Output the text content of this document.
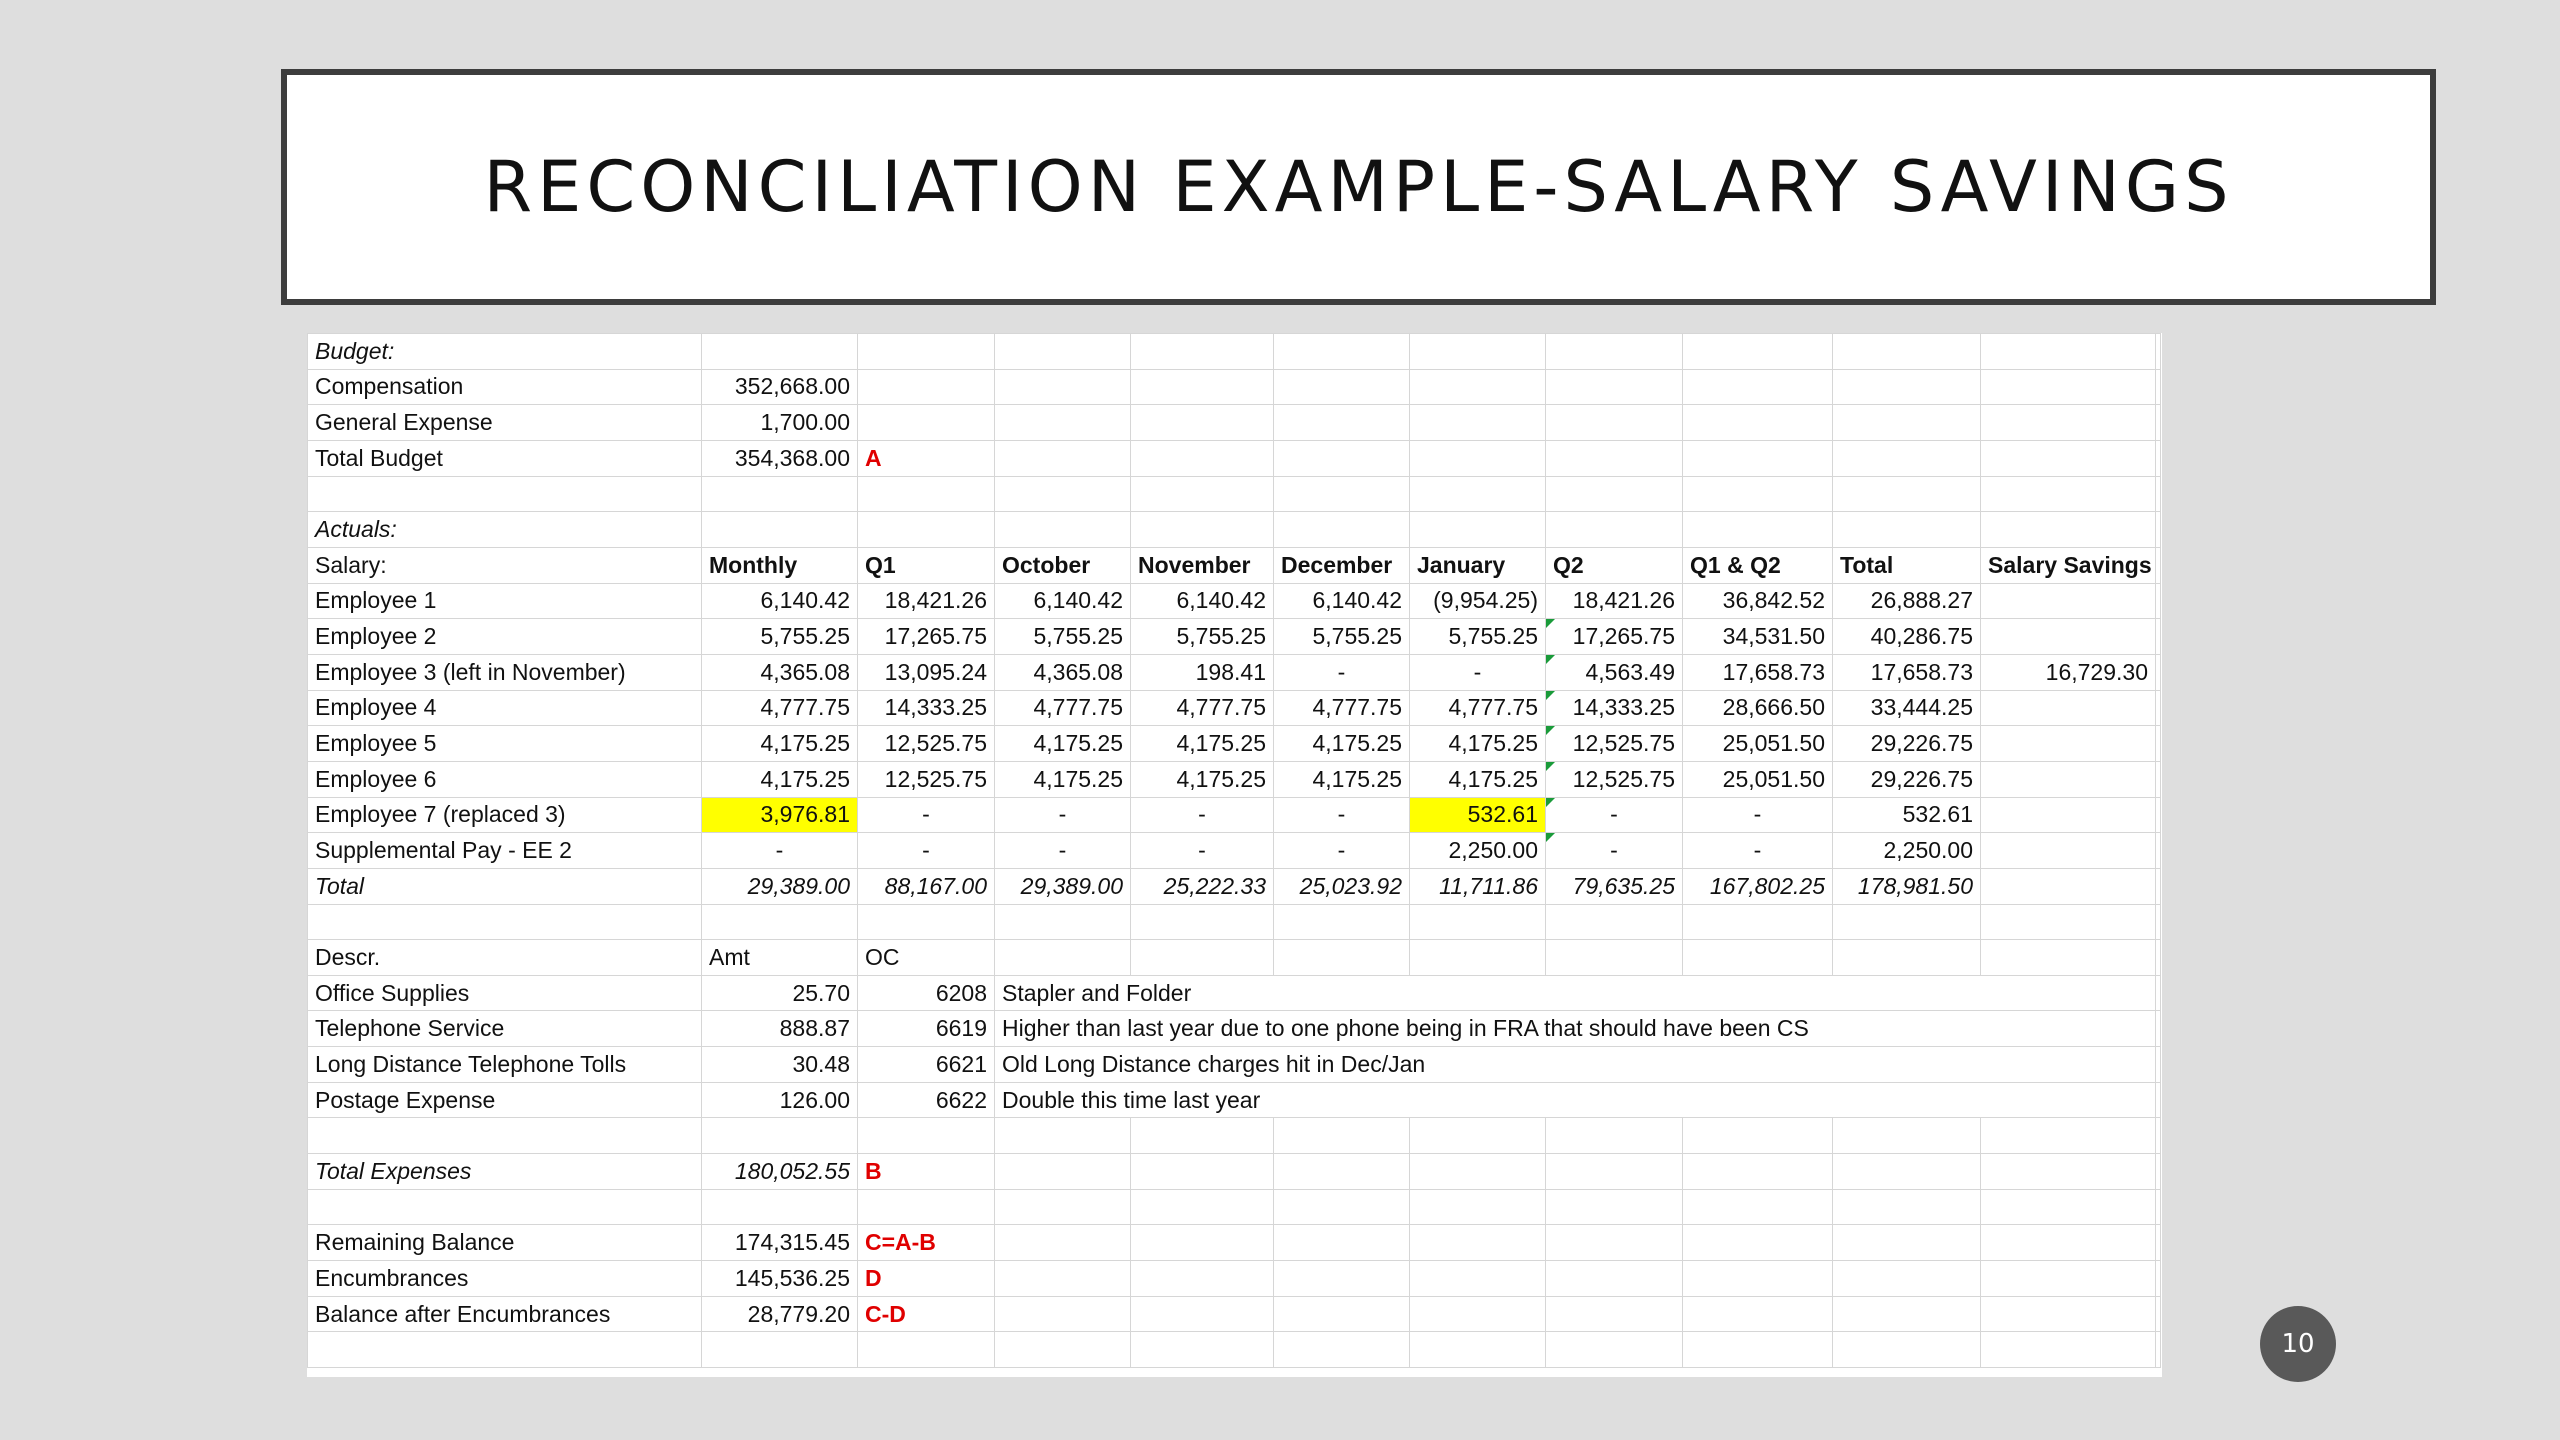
RECONCILIATION EXAMPLE-SALARY SAVINGS
Budget:											
Compensation	352,668.00										
General Expense	1,700.00										
Total Budget	354,368.00	A									

Actuals:											
Salary:	Monthly	Q1	October	November	December	January	Q2	Q1 & Q2	Total	Salary Savings	
Employee 1	6,140.42	18,421.26	6,140.42	6,140.42	6,140.42	(9,954.25)	18,421.26	36,842.52	26,888.27		
Employee 2	5,755.25	17,265.75	5,755.25	5,755.25	5,755.25	5,755.25	17,265.75	34,531.50	40,286.75		
Employee 3 (left in November)	4,365.08	13,095.24	4,365.08	198.41	-	-	4,563.49	17,658.73	17,658.73	16,729.30	
Employee 4	4,777.75	14,333.25	4,777.75	4,777.75	4,777.75	4,777.75	14,333.25	28,666.50	33,444.25		
Employee 5	4,175.25	12,525.75	4,175.25	4,175.25	4,175.25	4,175.25	12,525.75	25,051.50	29,226.75		
Employee 6	4,175.25	12,525.75	4,175.25	4,175.25	4,175.25	4,175.25	12,525.75	25,051.50	29,226.75		
Employee 7 (replaced 3)	3,976.81	-	-	-	-	532.61	-	-	532.61		
Supplemental Pay - EE 2	-	-	-	-	-	2,250.00	-	-	2,250.00		
Total	29,389.00	88,167.00	29,389.00	25,222.33	25,023.92	11,711.86	79,635.25	167,802.25	178,981.50		

Descr.	Amt	OC									
Office Supplies	25.70	6208	Stapler and Folder								
Telephone Service	888.87	6619	Higher than last year due to one phone being in FRA that should have been CS								
Long Distance Telephone Tolls	30.48	6621	Old Long Distance charges hit in Dec/Jan								
Postage Expense	126.00	6622	Double this time last year								

Total Expenses	180,052.55	B									

Remaining Balance	174,315.45	C=A-B									
Encumbrances	145,536.25	D									
Balance after Encumbrances	28,779.20	C-D									

10
